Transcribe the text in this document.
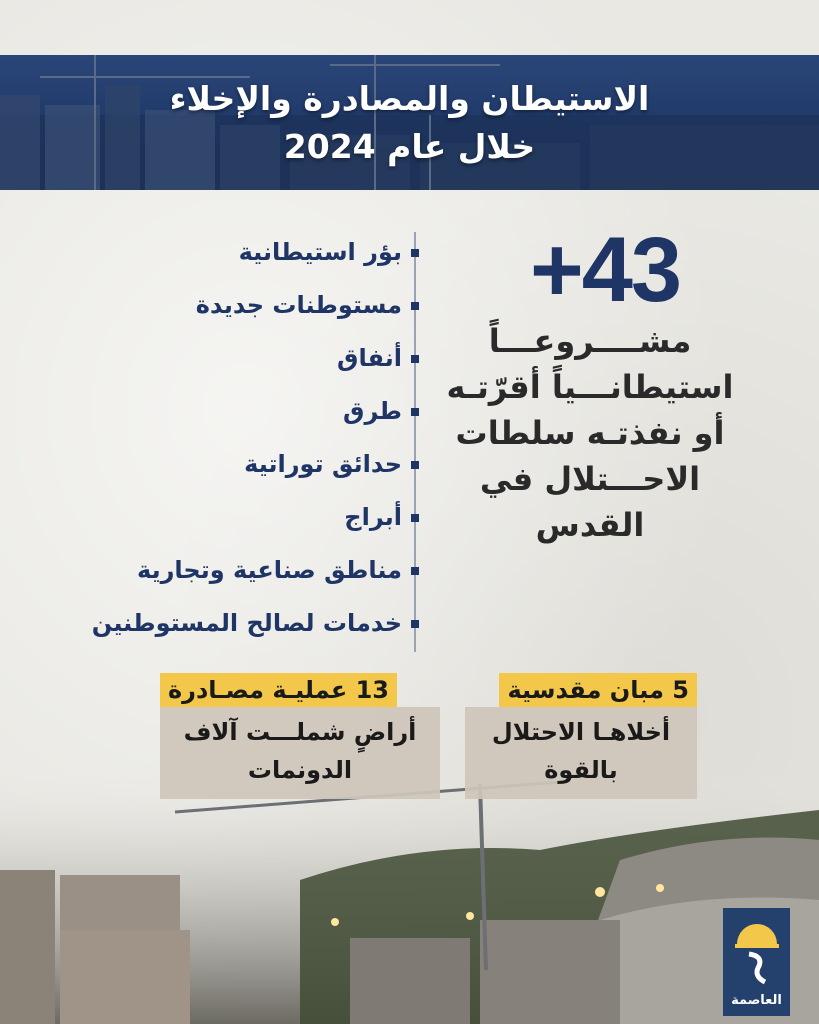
الاستيطان والمصادرة والإخلاء
خلال عام 2024
+43
مشــــروعـــاً
استيطانـــياً أقرّتـه
أو نفذتـه سلطات
الاحـــتلال في
القدس
بؤر استيطانية
مستوطنات جديدة
أنفاق
طرق
حدائق توراتية
أبراج
مناطق صناعية وتجارية
خدمات لصالح المستوطنين
13 عمليـة مصـادرة
أراضٍ شملـــت آلاف
الدونمات
5 مبان مقدسية
أخلاهـا الاحتلال
بالقوة
العاصمة
